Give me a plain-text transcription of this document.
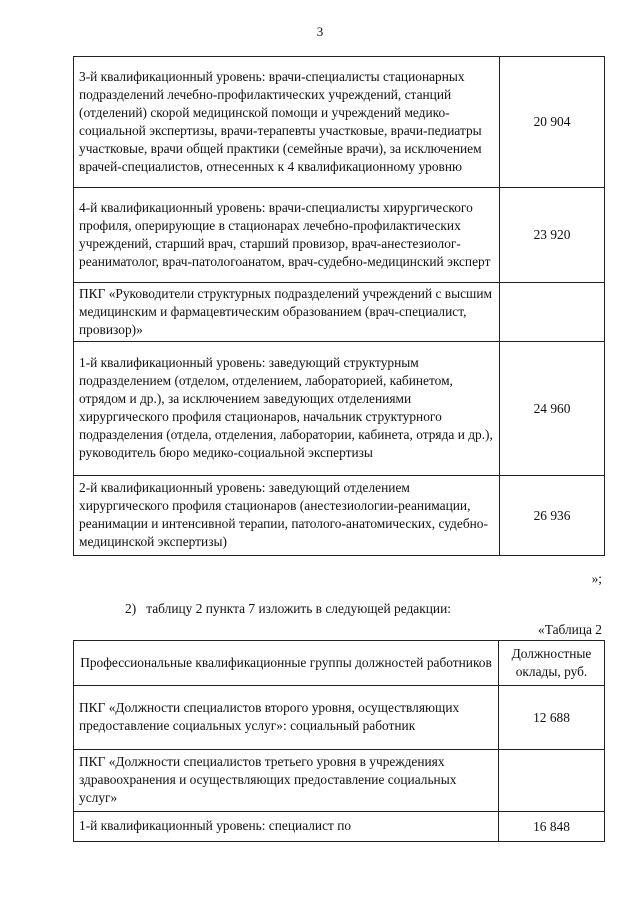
3
3-й квалификационный уровень: врачи-специалисты стационарных подразделений лечебно-профилактических учреждений, станций (отделений) скорой медицинской помощи и учреждений медико-социальной экспертизы, врачи-терапевты участковые, врачи-педиатры участковые, врачи общей практики (семейные врачи), за исключением врачей-специалистов, отнесенных к 4 квалификационному уровню	20 904
4-й квалификационный уровень: врачи-специалисты хирургического профиля, оперирующие в стационарах лечебно-профилактических учреждений, старший врач, старший провизор, врач-анестезиолог-реаниматолог, врач-патологоанатом, врач-судебно-медицинский эксперт	23 920
ПКГ «Руководители структурных подразделений учреждений с высшим медицинским и фармацевтическим образованием (врач-специалист, провизор)»	
1-й квалификационный уровень: заведующий структурным подразделением (отделом, отделением, лабораторией, кабинетом, отрядом и др.), за исключением заведующих отделениями хирургического профиля стационаров, начальник структурного подразделения (отдела, отделения, лаборатории, кабинета, отряда и др.), руководитель бюро медико-социальной экспертизы	24 960
2-й квалификационный уровень: заведующий отделением хирургического профиля стационаров (анестезиологии-реанимации, реанимации и интенсивной терапии, патолого-анатомических, судебно-медицинской экспертизы)	26 936
»;
2)   таблицу 2 пункта 7 изложить в следующей редакции:
«Таблица 2
Профессиональные квалификационные группы должностей работников	Должностные оклады, руб.
ПКГ «Должности специалистов второго уровня, осуществляющих предоставление социальных услуг»: социальный работник	12 688
ПКГ «Должности специалистов третьего уровня в учреждениях здравоохранения и осуществляющих предоставление социальных услуг»	
1-й квалификационный уровень: специалист по	16 848
